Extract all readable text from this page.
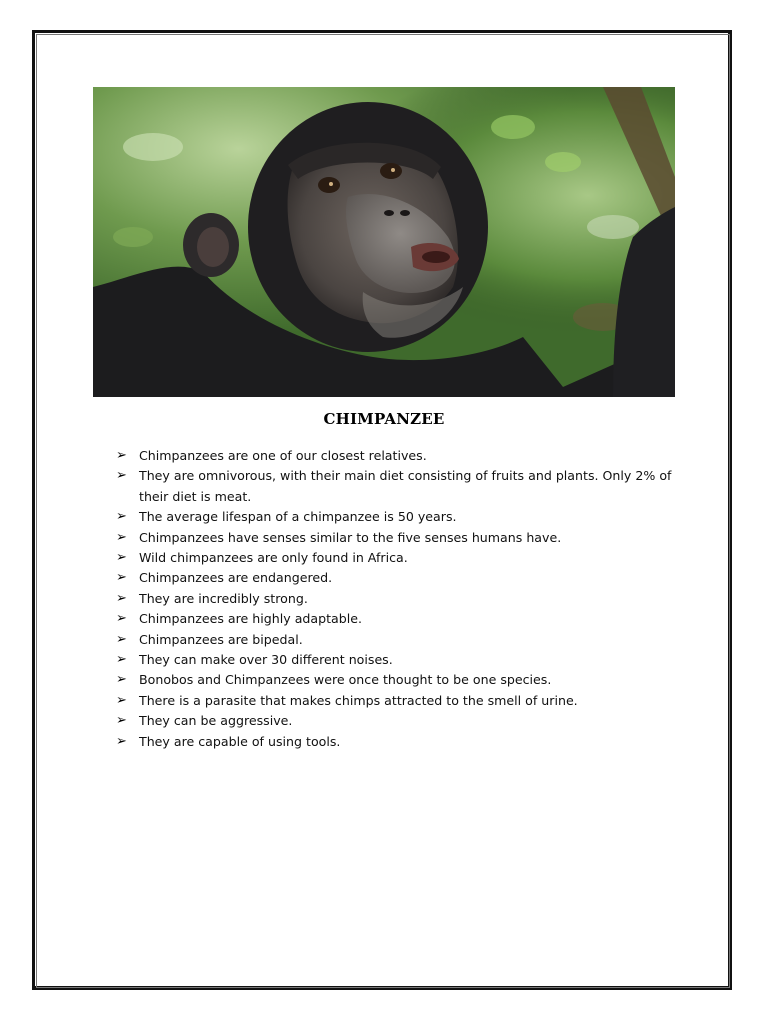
CHIMPANZEE
➢ Chimpanzees are one of our closest relatives.
➢ They are omnivorous, with their main diet consisting of fruits and plants. Only 2% of their diet is meat.
➢ The average lifespan of a chimpanzee is 50 years.
➢ Chimpanzees have senses similar to the five senses humans have.
➢ Wild chimpanzees are only found in Africa.
➢ Chimpanzees are endangered.
➢ They are incredibly strong.
➢ Chimpanzees are highly adaptable.
➢ Chimpanzees are bipedal.
➢ They can make over 30 different noises.
➢ Bonobos and Chimpanzees were once thought to be one species.
➢ There is a parasite that makes chimps attracted to the smell of urine.
➢ They can be aggressive.
➢ They are capable of using tools.
